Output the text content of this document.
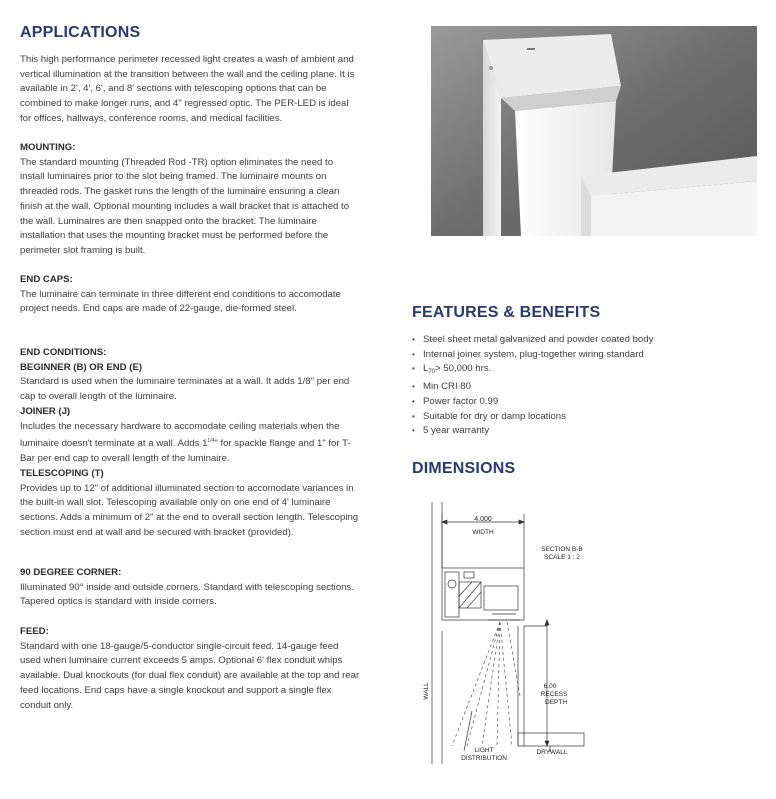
APPLICATIONS

This high performance perimeter recessed light creates a wash of ambient and vertical illumination at the transition between the wall and the ceiling plane. It is available in 2', 4', 6', and 8' sections with telescoping options that can be combined to make longer runs, and 4" regressed optic. The PER-LED is ideal for offices, hallways, conference rooms, and medical facilities.

MOUNTING:

The standard mounting (Threaded Rod -TR) option eliminates the need to install luminaires prior to the slot being framed. The luminaire mounts on threaded rods. The gasket runs the length of the luminaire ensuring a clean finish at the wall. Optional mounting includes a wall bracket that is attached to the wall. Luminaires are then snapped onto the bracket. The luminaire installation that uses the mounting bracket must be performed before the perimeter slot framing is built.

END CAPS:

The luminaire can terminate in three different end conditions to accomodate project needs. End caps are made of 22-gauge, die-formed steel.

END CONDITIONS:

BEGINNER (B) OR END (E)

Standard is used when the luminaire terminates at a wall. It adds 1/8" per end cap to overall length of the luminaire.

JOINER (J)

Includes the necessary hardware to accomodate ceiling materials when the luminaire doesn't terminate at a wall. Adds $1^{1/4}$" for spackle flange and 1" for T-Bar per end cap to overall length of the luminaire.

TELESCOPING (T)

Provides up to 12" of additional illuminated section to accomodate variances in the built-in wall slot. Telescoping available only on one end of 4' luminaire sections. Adds a minimum of 2" at the end to overall section length. Telescoping section must end at wall and be secured with bracket (provided).

90 DEGREE CORNER:

Illuminated 90° inside and outside corners. Standard with telescoping sections. Tapered optics is standard with inside corners.

FEED:

Standard with one 18-gauge/5-conductor single-circuit feed. 14-gauge feed used when luminaire current exceeds 5 amps. Optional 6' flex conduit whips available. Dual knockouts (for dual flex conduit) are available at the top and rear feed locations. End caps have a single knockout and support a single flex conduit only.

FEATURES & BENEFITS
• Steel sheet metal galvanized and powder coated body
• Internal joiner system, plug-together wiring standard
• $L_{70}> 50,000$ hrs.
• Min CRI 80
• Power factor 0.99
• Suitable for dry or damp locations
• 5 year warranty
DIMENSIONS
4.000
WIDTH
SECTION B-B
SCALE 1 : 2
6.00
RECESS
DEPTH
WALL
LIGHT
DISTRIBUTION
DRYWALL
